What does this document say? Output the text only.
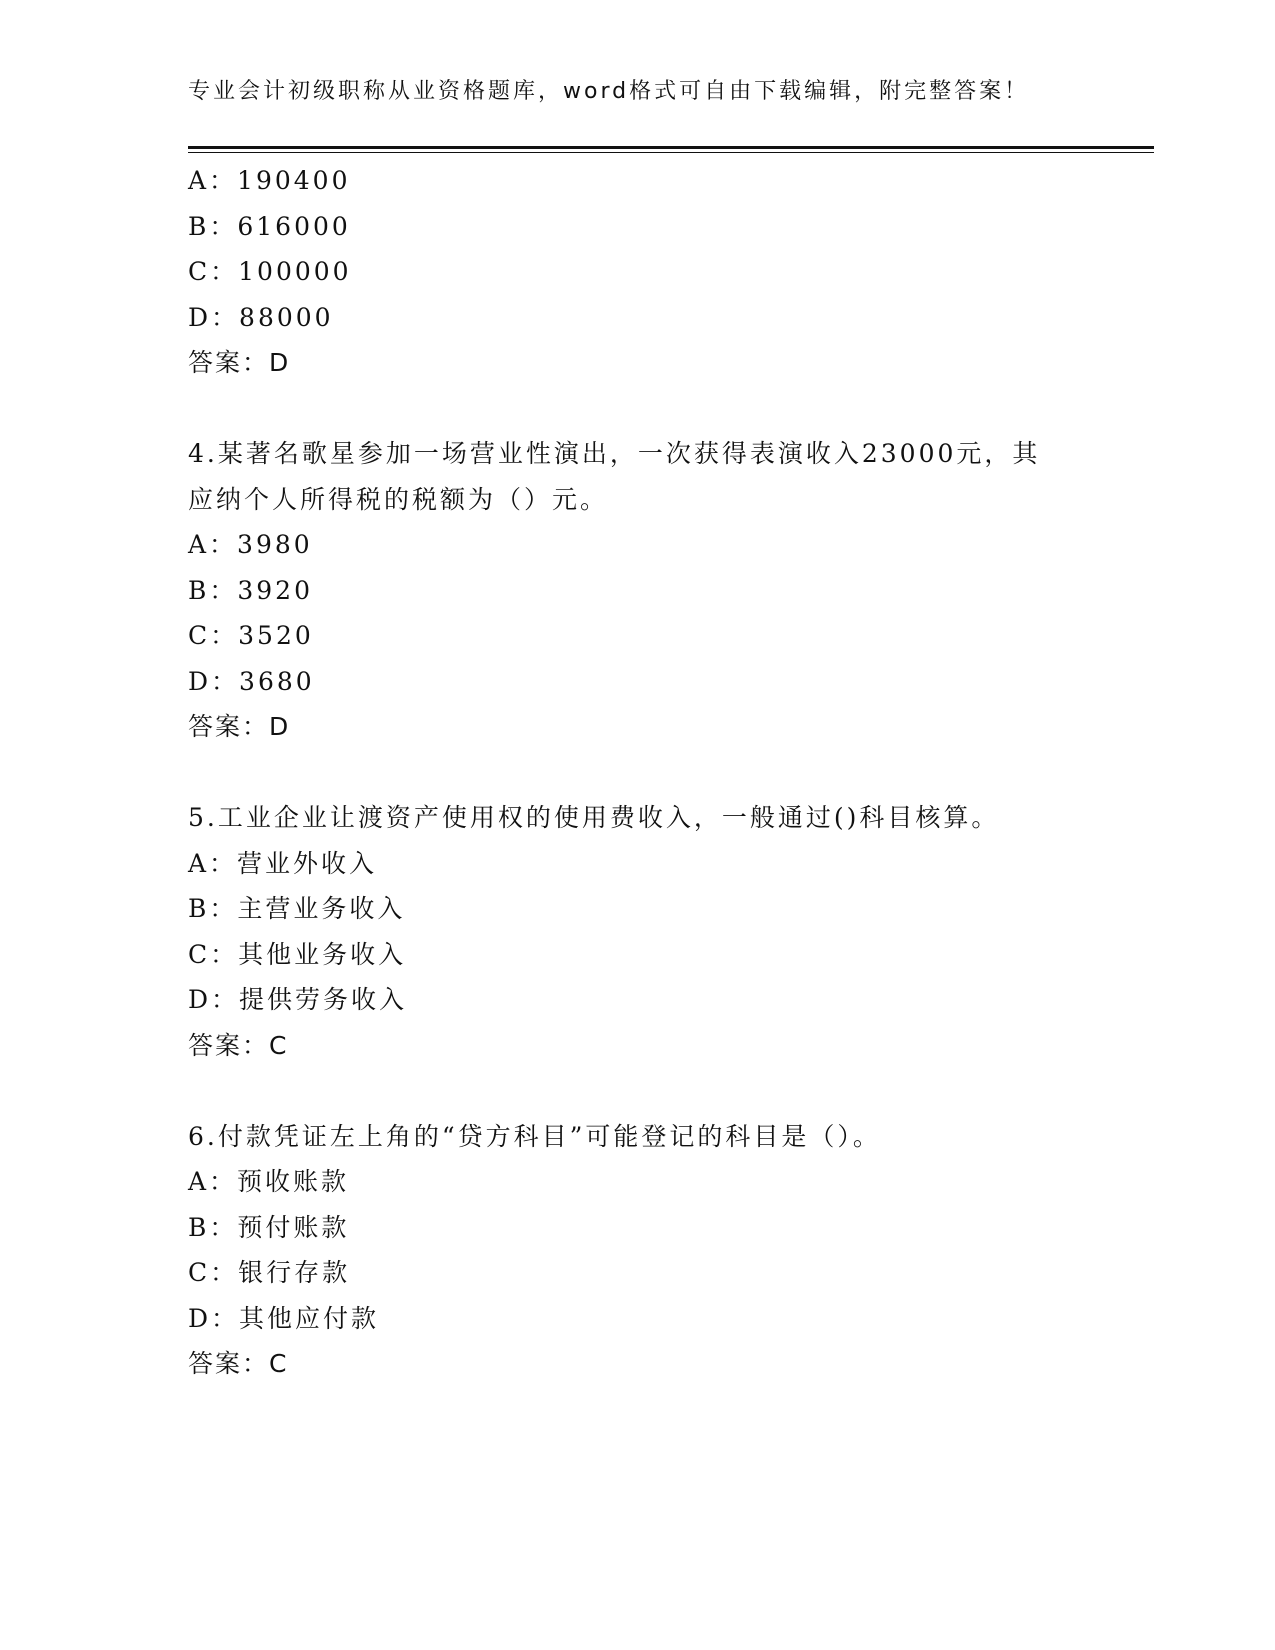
专业会计初级职称从业资格题库，word格式可自由下载编辑，附完整答案！
A：190400
B：616000
C：100000
D：88000
答案：D
4.某著名歌星参加一场营业性演出，一次获得表演收入23000元，其
应纳个人所得税的税额为（）元。
A：3980
B：3920
C：3520
D：3680
答案：D
5.工业企业让渡资产使用权的使用费收入，一般通过()科目核算。
A：营业外收入
B：主营业务收入
C：其他业务收入
D：提供劳务收入
答案：C
6.付款凭证左上角的“贷方科目”可能登记的科目是（）。
A：预收账款
B：预付账款
C：银行存款
D：其他应付款
答案：C
